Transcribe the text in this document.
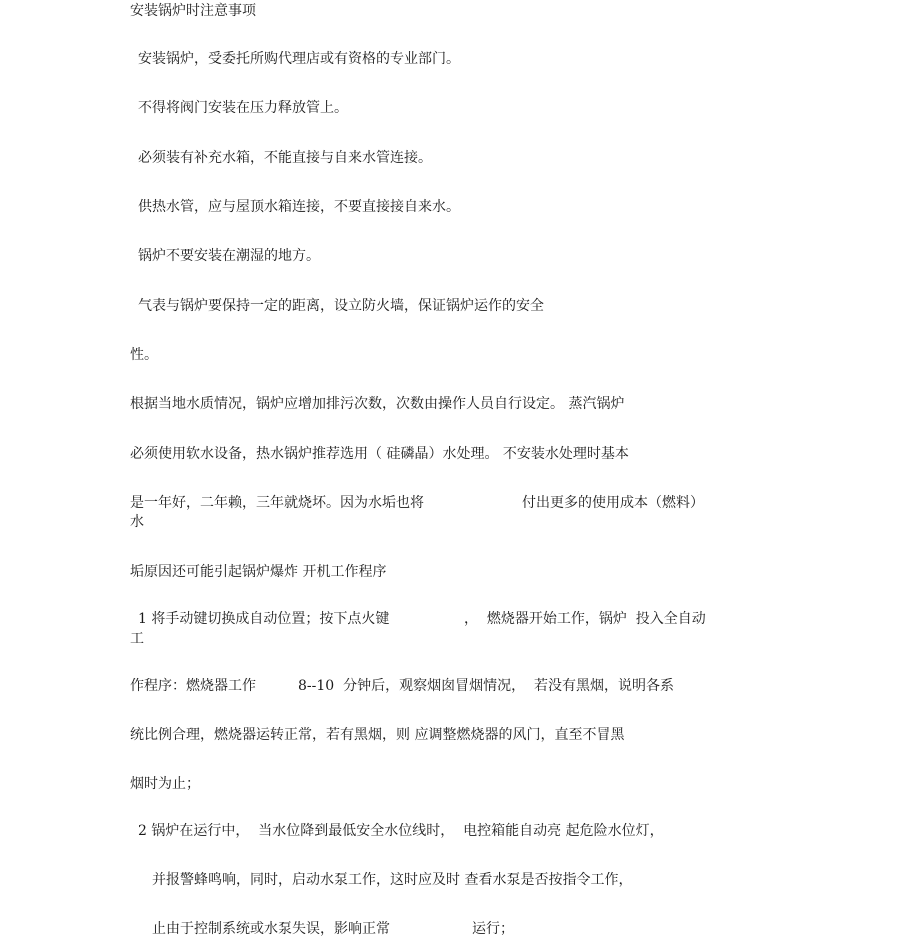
安装锅炉时注意事项

安装锅炉，受委托所购代理店或有资格的专业部门。

不得将阀门安装在压力释放管上。

必须装有补充水箱，不能直接与自来水管连接。

供热水管，应与屋顶水箱连接，不要直接接自来水。

锅炉不要安装在潮湿的地方。

气表与锅炉要保持一定的距离，设立防火墙，保证锅炉运作的安全

性。

根据当地水质情况，锅炉应增加排污次数，次数由操作人员自行设定。 蒸汽锅炉

必须使用软水设备，热水锅炉推荐选用（ 硅磷晶）水处理。 不安装水处理时基本

是一年好，二年赖，三年就烧坏。因为水垢也将	付出更多的使用成本（燃料）

水

垢原因还可能引起锅炉爆炸 开机工作程序

1 将手动键切换成自动位置；按下点火键	，  燃烧器开始工作，锅炉  投入全自动

工

作程序：燃烧器工作	8--10  分钟后，观察烟囱冒烟情况，  若没有黑烟，说明各系

统比例合理，燃烧器运转正常，若有黑烟，则 应调整燃烧器的风门，直至不冒黑

烟时为止；

2 锅炉在运行中，  当水位降到最低安全水位线时，  电控箱能自动亮 起危险水位灯，

并报警蜂鸣响，同时，启动水泵工作，这时应及时 查看水泵是否按指令工作，

止由于控制系统或水泵失误，影响正常	运行；
